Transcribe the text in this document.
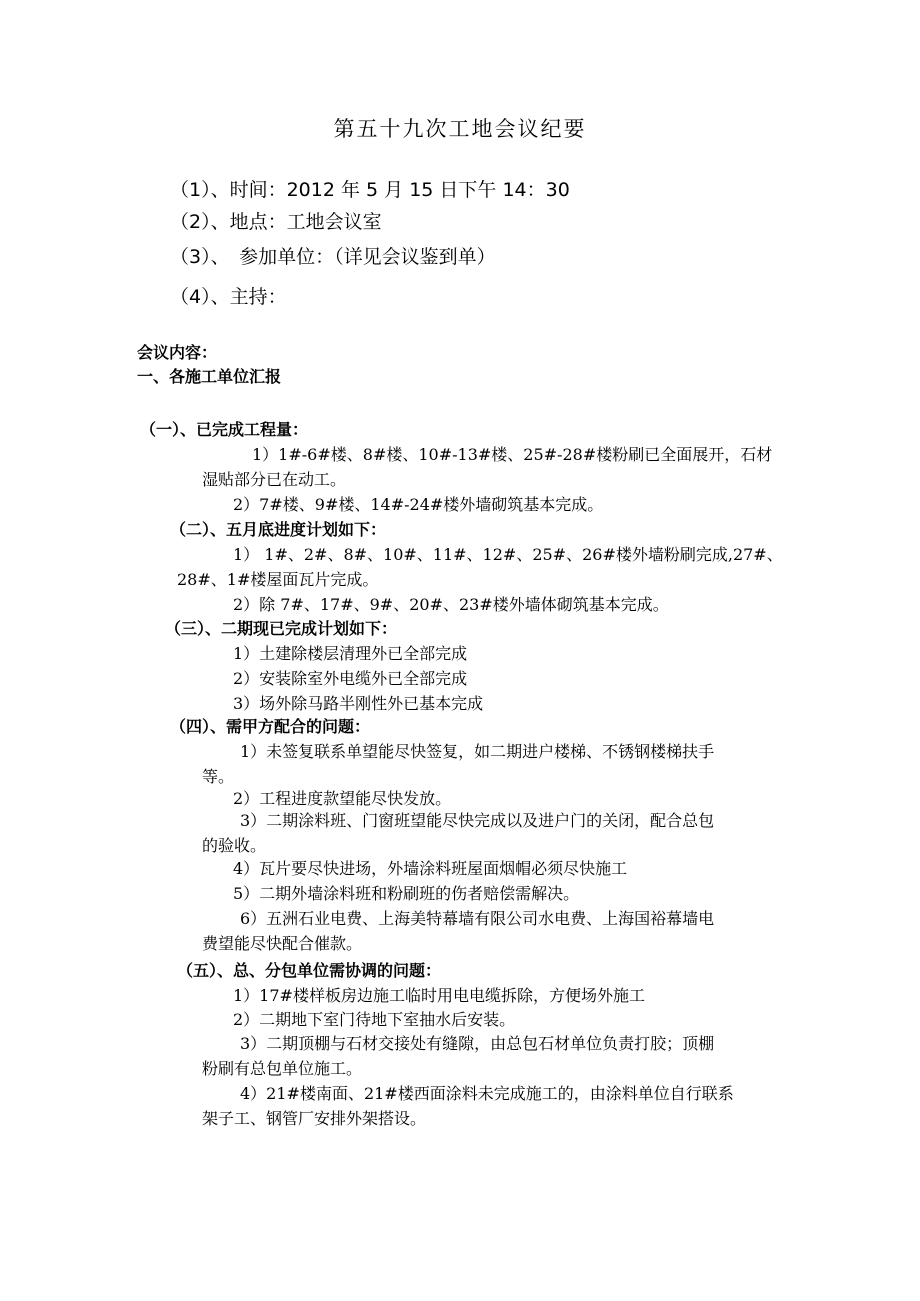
第五十九次工地会议纪要
（1）、时间：2012 年 5 月 15 日下午 14：30
（2）、地点：工地会议室
（3）、　参加单位：（详见会议鉴到单）
（4）、主持：
会议内容：
一、各施工单位汇报
（一）、已完成工程量：
1）1#-6#楼、8#楼、10#-13#楼、25#-28#楼粉刷已全面展开，石材
湿贴部分已在动工。
2）7#楼、9#楼、14#-24#楼外墙砌筑基本完成。
（二）、五月底进度计划如下：
1） 1#、2#、8#、10#、11#、12#、25#、26#楼外墙粉刷完成,27#、
28#、1#楼屋面瓦片完成。
2）除 7#、17#、9#、20#、23#楼外墙体砌筑基本完成。
（三）、二期现已完成计划如下：
1）土建除楼层清理外已全部完成
2）安装除室外电缆外已全部完成
3）场外除马路半刚性外已基本完成
（四）、需甲方配合的问题：
1）未签复联系单望能尽快签复，如二期进户楼梯、不锈钢楼梯扶手
等。
2）工程进度款望能尽快发放。
3）二期涂料班、门窗班望能尽快完成以及进户门的关闭，配合总包
的验收。
4）瓦片要尽快进场，外墙涂料班屋面烟帽必须尽快施工
5）二期外墙涂料班和粉刷班的伤者赔偿需解决。
6）五洲石业电费、上海美特幕墙有限公司水电费、上海国裕幕墙电
费望能尽快配合催款。
（五）、总、分包单位需协调的问题：
1）17#楼样板房边施工临时用电电缆拆除，方便场外施工
2）二期地下室门待地下室抽水后安装。
3）二期顶棚与石材交接处有缝隙，由总包石材单位负责打胶；顶棚
粉刷有总包单位施工。
4）21#楼南面、21#楼西面涂料未完成施工的，由涂料单位自行联系
架子工、钢管厂安排外架搭设。
